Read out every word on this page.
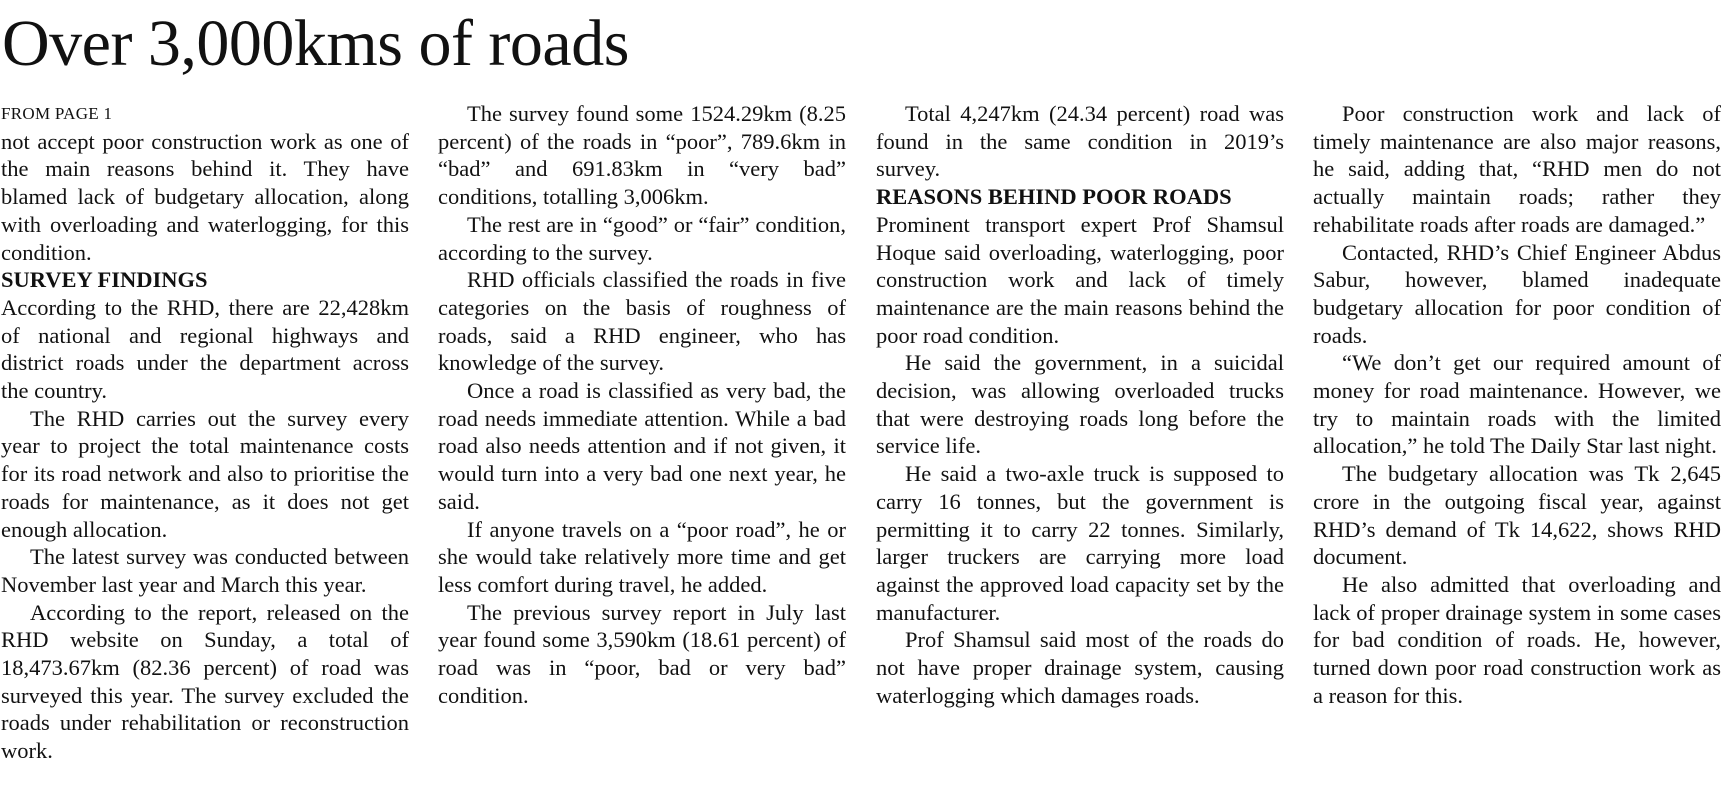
Over 3,000kms of roads
FROM PAGE 1

not accept poor construction work as one of the main reasons behind it. They have blamed lack of budgetary allocation, along with overloading and waterlogging, for this condition.

SURVEY FINDINGS

According to the RHD, there are 22,428km of national and regional highways and district roads under the department across the country.

The RHD carries out the survey every year to project the total maintenance costs for its road network and also to prioritise the roads for maintenance, as it does not get enough allocation.

The latest survey was conducted between November last year and March this year.

According to the report, released on the RHD website on Sunday, a total of 18,473.67km (82.36 percent) of road was surveyed this year. The survey excluded the roads under rehabilitation or reconstruction work.

The survey found some 1524.29km (8.25 percent) of the roads in “poor”, 789.6km in “bad” and 691.83km in “very bad” conditions, totalling 3,006km.

The rest are in “good” or “fair” condition, according to the survey.

RHD officials classified the roads in five categories on the basis of roughness of roads, said a RHD engineer, who has knowledge of the survey.

Once a road is classified as very bad, the road needs immediate attention. While a bad road also needs attention and if not given, it would turn into a very bad one next year, he said.

If anyone travels on a “poor road”, he or she would take relatively more time and get less comfort during travel, he added.

The previous survey report in July last year found some 3,590km (18.61 percent) of road was in “poor, bad or very bad” condition.

Total 4,247km (24.34 percent) road was found in the same condition in 2019’s survey.

REASONS BEHIND POOR ROADS

Prominent transport expert Prof Shamsul Hoque said overloading, waterlogging, poor construction work and lack of timely maintenance are the main reasons behind the poor road condition.

He said the government, in a suicidal decision, was allowing overloaded trucks that were destroying roads long before the service life.

He said a two-axle truck is supposed to carry 16 tonnes, but the government is permitting it to carry 22 tonnes. Similarly, larger truckers are carrying more load against the approved load capacity set by the manufacturer.

Prof Shamsul said most of the roads do not have proper drainage system, causing waterlogging which damages roads.

Poor construction work and lack of timely maintenance are also major reasons, he said, adding that, “RHD men do not actually maintain roads; rather they rehabilitate roads after roads are damaged.”

Contacted, RHD’s Chief Engineer Abdus Sabur, however, blamed inadequate budgetary allocation for poor condition of roads.

“We don’t get our required amount of money for road maintenance. However, we try to maintain roads with the limited allocation,” he told The Daily Star last night.

The budgetary allocation was Tk 2,645 crore in the outgoing fiscal year, against RHD’s demand of Tk 14,622, shows RHD document.

He also admitted that overloading and lack of proper drainage system in some cases for bad condition of roads. He, however, turned down poor road construction work as a reason for this.
